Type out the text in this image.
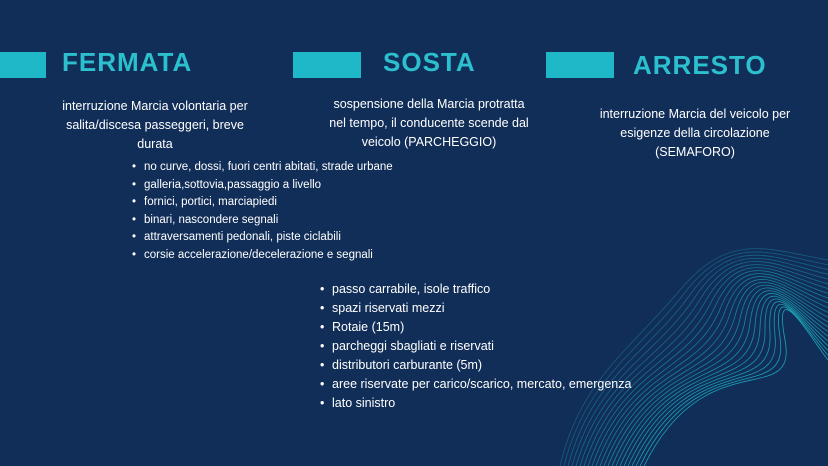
FERMATA
interruzione Marcia volontaria per
salita/discesa passeggeri, breve
durata
SOSTA
sospensione della Marcia protratta
nel tempo, il conducente scende dal
veicolo (PARCHEGGIO)
ARRESTO
interruzione Marcia del veicolo per
esigenze della circolazione
(SEMAFORO)
• no curve, dossi, fuori centri abitati, strade urbane
• galleria,sottovia,passaggio a livello
• fornici, portici, marciapiedi
• binari, nascondere segnali
• attraversamenti pedonali, piste ciclabili
• corsie accelerazione/decelerazione e segnali
• passo carrabile, isole traffico
• spazi riservati mezzi
• Rotaie (15m)
• parcheggi sbagliati e riservati
• distributori carburante (5m)
• aree riservate per carico/scarico, mercato, emergenza
• lato sinistro
